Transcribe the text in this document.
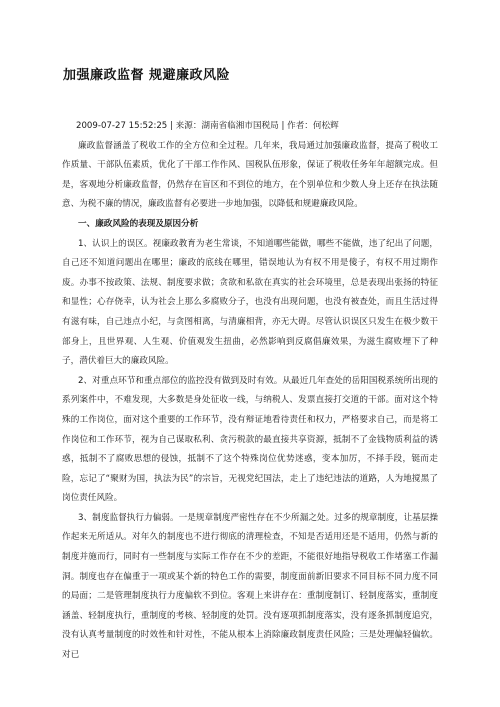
加强廉政监督 规避廉政风险
2009-07-27 15:52:25 | 来源：湖南省临湘市国税局 | 作者：何松辉

廉政监督涵盖了税收工作的全方位和全过程。几年来，我局通过加强廉政监督，提高了税收工作质量、干部队伍素质，优化了干部工作作风、国税队伍形象，保证了税收任务年年超额完成。但是，客观地分析廉政监督，仍然存在盲区和不到位的地方，在个别单位和少数人身上还存在执法随意、为税不廉的情况，廉政监督有必要进一步地加强，以降低和规避廉政风险。

一、廉政风险的表现及原因分析

1、认识上的误区。视廉政教育为老生常谈，不知道哪些能做，哪些不能做，违了纪出了问题，自己还不知道问题出在哪里；廉政的底线在哪里，错误地认为有权不用是傻子，有权不用过期作废。办事不按政策、法规、制度要求做；贪欲和私欲在真实的社会环境里，总是表现出张扬的特征和显性；心存侥幸，认为社会上那么多腐败分子，也没有出现问题，也没有被查处，而且生活过得有滋有味，自己违点小纪，与贪图相离，与清廉相背，亦无大碍。尽管认识误区只发生在极少数干部身上，且世界观、人生观、价值观发生扭曲，必然影响到反腐倡廉效果，为滋生腐败埋下了种子，潜伏着巨大的廉政风险。

2、对重点环节和重点部位的监控没有做到及时有效。从最近几年查处的岳阳国税系统所出现的系列案件中，不难发现，大多数是身处征收一线，与纳税人、发票直接打交道的干部。面对这个特殊的工作岗位，面对这个重要的工作环节，没有辩证地看待责任和权力，严格要求自己，而是将工作岗位和工作环节，视为自己谋取私利、贪污税款的最直接共享资源，抵制不了金钱物质利益的诱惑，抵制不了腐败思想的侵蚀，抵制不了这个特殊岗位优势迷惑，变本加厉，不择手段，铤而走险，忘记了“聚财为国，执法为民”的宗旨，无视党纪国法，走上了违纪违法的道路，人为地搅黑了岗位责任风险。

3、制度监督执行力偏弱。一是规章制度严密性存在不少所漏之处。过多的规章制度，让基层操作起来无所适从。对年久的制度也不进行彻底的清理检查，不知是否适用还是不适用，仍然与新的制度并施而行，同时有一些制度与实际工作存在不少的差距，不能很好地指导税收工作堵塞工作漏洞。制度也存在偏重于一项或某个新的特色工作的需要，制度面前新旧要求不同目标不同力度不同的局面；二是管理制度执行力度偏软不到位。客观上来讲存在：重制度制订、轻制度落实，重制度涵盖、轻制度执行，重制度的考核、轻制度的处罚。没有逐项抓制度落实，没有逐条抓制度追究，没有认真考量制度的时效性和针对性，不能从根本上消除廉政制度责任风险；三是处理偏轻偏软。对已
